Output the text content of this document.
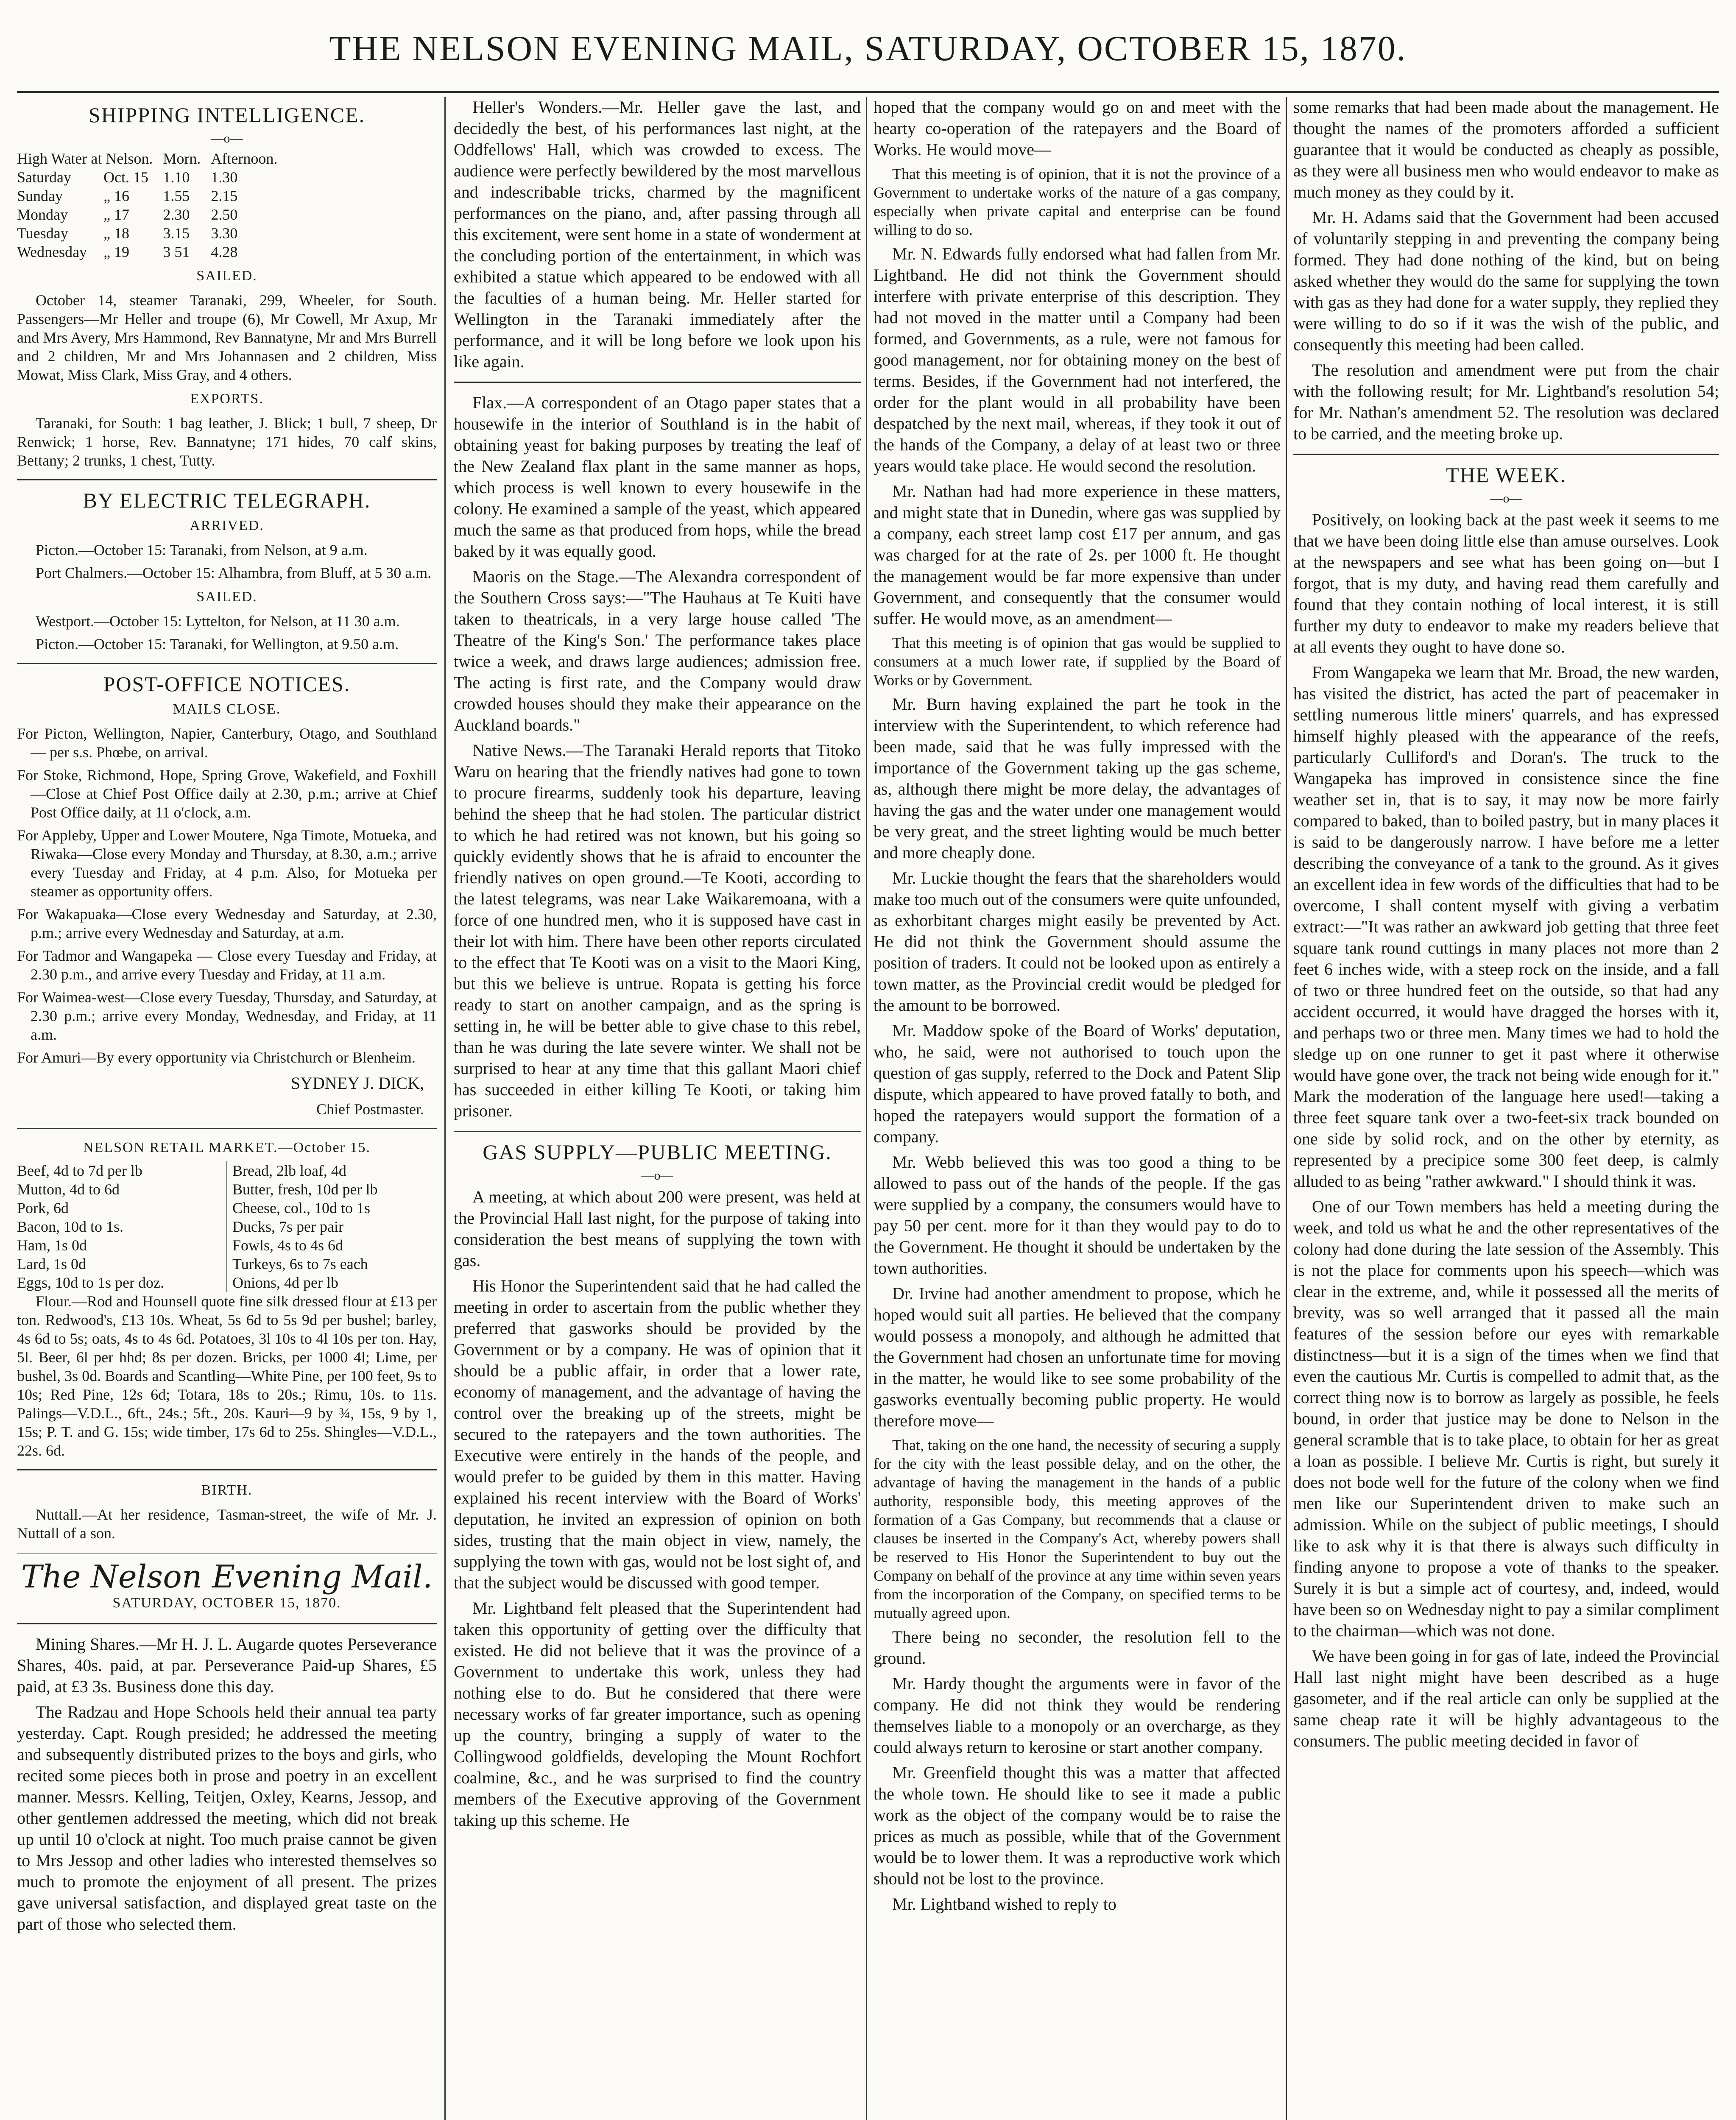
THE NELSON EVENING MAIL, SATURDAY, OCTOBER 15, 1870.
SHIPPING INTELLIGENCE.
—o—
High Water at Nelson.		Morn.	Afternoon.
Saturday	Oct. 15	1.10	1.30
Sunday	„ 16	1.55	2.15
Monday	„ 17	2.30	2.50
Tuesday	„ 18	3.15	3.30
Wednesday	„ 19	3 51	4.28
SAILED.

October 14, steamer Taranaki, 299, Wheeler, for South. Passengers—Mr Heller and troupe (6), Mr Cowell, Mr Axup, Mr and Mrs Avery, Mrs Hammond, Rev Bannatyne, Mr and Mrs Burrell and 2 children, Mr and Mrs Johannasen and 2 children, Miss Mowat, Miss Clark, Miss Gray, and 4 others.

EXPORTS.

Taranaki, for South: 1 bag leather, J. Blick; 1 bull, 7 sheep, Dr Renwick; 1 horse, Rev. Bannatyne; 171 hides, 70 calf skins, Bettany; 2 trunks, 1 chest, Tutty.

BY ELECTRIC TELEGRAPH.
ARRIVED.

Picton.—October 15: Taranaki, from Nelson, at 9 a.m.

Port Chalmers.—October 15: Alhambra, from Bluff, at 5 30 a.m.

SAILED.

Westport.—October 15: Lyttelton, for Nelson, at 11 30 a.m.

Picton.—October 15: Taranaki, for Wellington, at 9.50 a.m.

POST-OFFICE NOTICES.
MAILS CLOSE.

For Picton, Wellington, Napier, Canterbury, Otago, and Southland — per s.s. Phœbe, on arrival.

For Stoke, Richmond, Hope, Spring Grove, Wakefield, and Foxhill—Close at Chief Post Office daily at 2.30, p.m.; arrive at Chief Post Office daily, at 11 o'clock, a.m.

For Appleby, Upper and Lower Moutere, Nga Timote, Motueka, and Riwaka—Close every Monday and Thursday, at 8.30, a.m.; arrive every Tuesday and Friday, at 4 p.m. Also, for Motueka per steamer as opportunity offers.

For Wakapuaka—Close every Wednesday and Saturday, at 2.30, p.m.; arrive every Wednesday and Saturday, at a.m.

For Tadmor and Wangapeka — Close every Tuesday and Friday, at 2.30 p.m., and arrive every Tuesday and Friday, at 11 a.m.

For Waimea-west—Close every Tuesday, Thursday, and Saturday, at 2.30 p.m.; arrive every Monday, Wednesday, and Friday, at 11 a.m.

For Amuri—By every opportunity via Christchurch or Blenheim.

SYDNEY J. DICK,
Chief Postmaster.
NELSON RETAIL MARKET.—October 15.
Beef, 4d to 7d per lb	Bread, 2lb loaf, 4d
Mutton, 4d to 6d	Butter, fresh, 10d per lb
Pork, 6d	Cheese, col., 10d to 1s
Bacon, 10d to 1s.	Ducks, 7s per pair
Ham, 1s 0d	Fowls, 4s to 4s 6d
Lard, 1s 0d	Turkeys, 6s to 7s each
Eggs, 10d to 1s per doz.	Onions, 4d per lb

Flour.—Rod and Hounsell quote fine silk dressed flour at £13 per ton. Redwood's, £13 10s. Wheat, 5s 6d to 5s 9d per bushel; barley, 4s 6d to 5s; oats, 4s to 4s 6d. Potatoes, 3l 10s to 4l 10s per ton. Hay, 5l. Beer, 6l per hhd; 8s per dozen. Bricks, per 1000 4l; Lime, per bushel, 3s 0d. Boards and Scantling—White Pine, per 100 feet, 9s to 10s; Red Pine, 12s 6d; Totara, 18s to 20s.; Rimu, 10s. to 11s. Palings—V.D.L., 6ft., 24s.; 5ft., 20s. Kauri—9 by ¾, 15s, 9 by 1, 15s; P. T. and G. 15s; wide timber, 17s 6d to 25s. Shingles—V.D.L., 22s. 6d.

BIRTH.

Nuttall.—At her residence, Tasman-street, the wife of Mr. J. Nuttall of a son.

The Nelson Evening Mail.
SATURDAY, OCTOBER 15, 1870.

Mining Shares.—Mr H. J. L. Augarde quotes Perseverance Shares, 40s. paid, at par. Perseverance Paid-up Shares, £5 paid, at £3 3s. Business done this day.

The Radzau and Hope Schools held their annual tea party yesterday. Capt. Rough presided; he addressed the meeting and subsequently distributed prizes to the boys and girls, who recited some pieces both in prose and poetry in an excellent manner. Messrs. Kelling, Teitjen, Oxley, Kearns, Jessop, and other gentlemen addressed the meeting, which did not break up until 10 o'clock at night. Too much praise cannot be given to Mrs Jessop and other ladies who interested themselves so much to promote the enjoyment of all present. The prizes gave universal satisfaction, and displayed great taste on the part of those who selected them.

Heller's Wonders.—Mr. Heller gave the last, and decidedly the best, of his performances last night, at the Oddfellows' Hall, which was crowded to excess. The audience were perfectly bewildered by the most marvellous and indescribable tricks, charmed by the magnificent performances on the piano, and, after passing through all this excitement, were sent home in a state of wonderment at the concluding portion of the entertainment, in which was exhibited a statue which appeared to be endowed with all the faculties of a human being. Mr. Heller started for Wellington in the Taranaki immediately after the performance, and it will be long before we look upon his like again.

Flax.—A correspondent of an Otago paper states that a housewife in the interior of Southland is in the habit of obtaining yeast for baking purposes by treating the leaf of the New Zealand flax plant in the same manner as hops, which process is well known to every housewife in the colony. He examined a sample of the yeast, which appeared much the same as that produced from hops, while the bread baked by it was equally good.

Maoris on the Stage.—The Alexandra correspondent of the Southern Cross says:—"The Hauhaus at Te Kuiti have taken to theatricals, in a very large house called 'The Theatre of the King's Son.' The performance takes place twice a week, and draws large audiences; admission free. The acting is first rate, and the Company would draw crowded houses should they make their appearance on the Auckland boards."

Native News.—The Taranaki Herald reports that Titoko Waru on hearing that the friendly natives had gone to town to procure firearms, suddenly took his departure, leaving behind the sheep that he had stolen. The particular district to which he had retired was not known, but his going so quickly evidently shows that he is afraid to encounter the friendly natives on open ground.—Te Kooti, according to the latest telegrams, was near Lake Waikaremoana, with a force of one hundred men, who it is supposed have cast in their lot with him. There have been other reports circulated to the effect that Te Kooti was on a visit to the Maori King, but this we believe is untrue. Ropata is getting his force ready to start on another campaign, and as the spring is setting in, he will be better able to give chase to this rebel, than he was during the late severe winter. We shall not be surprised to hear at any time that this gallant Maori chief has succeeded in either killing Te Kooti, or taking him prisoner.

GAS SUPPLY—PUBLIC MEETING.
—o—

A meeting, at which about 200 were present, was held at the Provincial Hall last night, for the purpose of taking into consideration the best means of supplying the town with gas.

His Honor the Superintendent said that he had called the meeting in order to ascertain from the public whether they preferred that gasworks should be provided by the Government or by a company. He was of opinion that it should be a public affair, in order that a lower rate, economy of management, and the advantage of having the control over the breaking up of the streets, might be secured to the ratepayers and the town authorities. The Executive were entirely in the hands of the people, and would prefer to be guided by them in this matter. Having explained his recent interview with the Board of Works' deputation, he invited an expression of opinion on both sides, trusting that the main object in view, namely, the supplying the town with gas, would not be lost sight of, and that the subject would be discussed with good temper.

Mr. Lightband felt pleased that the Superintendent had taken this opportunity of getting over the difficulty that existed. He did not believe that it was the province of a Government to undertake this work, unless they had nothing else to do. But he considered that there were necessary works of far greater importance, such as opening up the country, bringing a supply of water to the Collingwood goldfields, developing the Mount Rochfort coalmine, &c., and he was surprised to find the country members of the Executive approving of the Government taking up this scheme. He

hoped that the company would go on and meet with the hearty co-operation of the ratepayers and the Board of Works. He would move—

That this meeting is of opinion, that it is not the province of a Government to undertake works of the nature of a gas company, especially when private capital and enterprise can be found willing to do so.

Mr. N. Edwards fully endorsed what had fallen from Mr. Lightband. He did not think the Government should interfere with private enterprise of this description. They had not moved in the matter until a Company had been formed, and Governments, as a rule, were not famous for good management, nor for obtaining money on the best of terms. Besides, if the Government had not interfered, the order for the plant would in all probability have been despatched by the next mail, whereas, if they took it out of the hands of the Company, a delay of at least two or three years would take place. He would second the resolution.

Mr. Nathan had had more experience in these matters, and might state that in Dunedin, where gas was supplied by a company, each street lamp cost £17 per annum, and gas was charged for at the rate of 2s. per 1000 ft. He thought the management would be far more expensive than under Government, and consequently that the consumer would suffer. He would move, as an amendment—

That this meeting is of opinion that gas would be supplied to consumers at a much lower rate, if supplied by the Board of Works or by Government.

Mr. Burn having explained the part he took in the interview with the Superintendent, to which reference had been made, said that he was fully impressed with the importance of the Government taking up the gas scheme, as, although there might be more delay, the advantages of having the gas and the water under one management would be very great, and the street lighting would be much better and more cheaply done.

Mr. Luckie thought the fears that the shareholders would make too much out of the consumers were quite unfounded, as exhorbitant charges might easily be prevented by Act. He did not think the Government should assume the position of traders. It could not be looked upon as entirely a town matter, as the Provincial credit would be pledged for the amount to be borrowed.

Mr. Maddow spoke of the Board of Works' deputation, who, he said, were not authorised to touch upon the question of gas supply, referred to the Dock and Patent Slip dispute, which appeared to have proved fatally to both, and hoped the ratepayers would support the formation of a company.

Mr. Webb believed this was too good a thing to be allowed to pass out of the hands of the people. If the gas were supplied by a company, the consumers would have to pay 50 per cent. more for it than they would pay to do to the Government. He thought it should be undertaken by the town authorities.

Dr. Irvine had another amendment to propose, which he hoped would suit all parties. He believed that the company would possess a monopoly, and although he admitted that the Government had chosen an unfortunate time for moving in the matter, he would like to see some probability of the gasworks eventually becoming public property. He would therefore move—

That, taking on the one hand, the necessity of securing a supply for the city with the least possible delay, and on the other, the advantage of having the management in the hands of a public authority, responsible body, this meeting approves of the formation of a Gas Company, but recommends that a clause or clauses be inserted in the Company's Act, whereby powers shall be reserved to His Honor the Superintendent to buy out the Company on behalf of the province at any time within seven years from the incorporation of the Company, on specified terms to be mutually agreed upon.

There being no seconder, the resolution fell to the ground.

Mr. Hardy thought the arguments were in favor of the company. He did not think they would be rendering themselves liable to a monopoly or an overcharge, as they could always return to kerosine or start another company.

Mr. Greenfield thought this was a matter that affected the whole town. He should like to see it made a public work as the object of the company would be to raise the prices as much as possible, while that of the Government would be to lower them. It was a reproductive work which should not be lost to the province.

Mr. Lightband wished to reply to

some remarks that had been made about the management. He thought the names of the promoters afforded a sufficient guarantee that it would be conducted as cheaply as possible, as they were all business men who would endeavor to make as much money as they could by it.

Mr. H. Adams said that the Government had been accused of voluntarily stepping in and preventing the company being formed. They had done nothing of the kind, but on being asked whether they would do the same for supplying the town with gas as they had done for a water supply, they replied they were willing to do so if it was the wish of the public, and consequently this meeting had been called.

The resolution and amendment were put from the chair with the following result; for Mr. Lightband's resolution 54; for Mr. Nathan's amendment 52. The resolution was declared to be carried, and the meeting broke up.

THE WEEK.
—o—

Positively, on looking back at the past week it seems to me that we have been doing little else than amuse ourselves. Look at the newspapers and see what has been going on—but I forgot, that is my duty, and having read them carefully and found that they contain nothing of local interest, it is still further my duty to endeavor to make my readers believe that at all events they ought to have done so.

From Wangapeka we learn that Mr. Broad, the new warden, has visited the district, has acted the part of peacemaker in settling numerous little miners' quarrels, and has expressed himself highly pleased with the appearance of the reefs, particularly Culliford's and Doran's. The truck to the Wangapeka has improved in consistence since the fine weather set in, that is to say, it may now be more fairly compared to baked, than to boiled pastry, but in many places it is said to be dangerously narrow. I have before me a letter describing the conveyance of a tank to the ground. As it gives an excellent idea in few words of the difficulties that had to be overcome, I shall content myself with giving a verbatim extract:—"It was rather an awkward job getting that three feet square tank round cuttings in many places not more than 2 feet 6 inches wide, with a steep rock on the inside, and a fall of two or three hundred feet on the outside, so that had any accident occurred, it would have dragged the horses with it, and perhaps two or three men. Many times we had to hold the sledge up on one runner to get it past where it otherwise would have gone over, the track not being wide enough for it." Mark the moderation of the language here used!—taking a three feet square tank over a two-feet-six track bounded on one side by solid rock, and on the other by eternity, as represented by a precipice some 300 feet deep, is calmly alluded to as being "rather awkward." I should think it was.

One of our Town members has held a meeting during the week, and told us what he and the other representatives of the colony had done during the late session of the Assembly. This is not the place for comments upon his speech—which was clear in the extreme, and, while it possessed all the merits of brevity, was so well arranged that it passed all the main features of the session before our eyes with remarkable distinctness—but it is a sign of the times when we find that even the cautious Mr. Curtis is compelled to admit that, as the correct thing now is to borrow as largely as possible, he feels bound, in order that justice may be done to Nelson in the general scramble that is to take place, to obtain for her as great a loan as possible. I believe Mr. Curtis is right, but surely it does not bode well for the future of the colony when we find men like our Superintendent driven to make such an admission. While on the subject of public meetings, I should like to ask why it is that there is always such difficulty in finding anyone to propose a vote of thanks to the speaker. Surely it is but a simple act of courtesy, and, indeed, would have been so on Wednesday night to pay a similar compliment to the chairman—which was not done.

We have been going in for gas of late, indeed the Provincial Hall last night might have been described as a huge gasometer, and if the real article can only be supplied at the same cheap rate it will be highly advantageous to the consumers. The public meeting decided in favor of
